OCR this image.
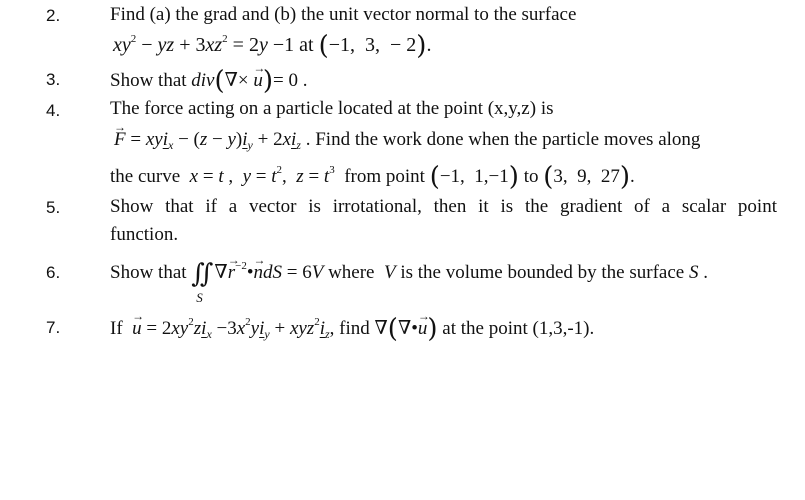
2.	Find (a) the grad and (b) the unit vector normal to the surface
$xy^2$ − yz + $3xz^2 = 2y -1$ at (−1,  3,  − 2).
3.	Show that div(∇× → u)= 0 .
4.	The force acting on a particle located at the point (x,y,z) is
→ $F = xyi_x - (z - y)i_y + 2xi_z$ . Find the work done when the particle moves along
the curve x = t ,  $y = t^2$,  $z = t^3$ from point (−1,  1,−1) to (3,  9,  27).
5.	Show that if a vector is irrotational, then it is the gradient of a scalar point
function.
6.	Show that ∬
S
∇→ $r^{-2}•\to$ ndS = 6V where V is the volume bounded by the surface S .
7.	$If \to u = 2xy^2zi_x -3x^2yi_y + xyz^2i_z$, find ∇(∇•→ u) at the point (1,3,-1).
